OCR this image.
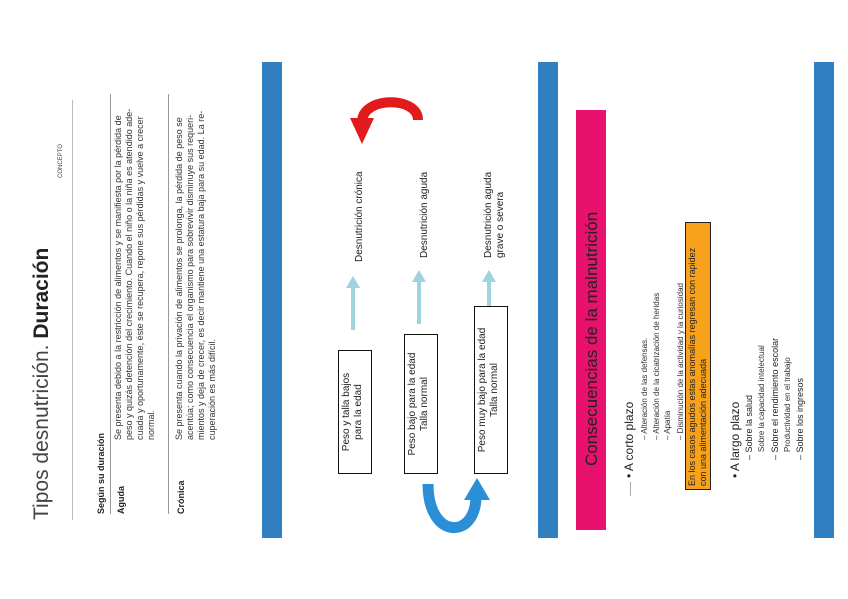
Tipos desnutrición. Duración
CONCEPTO
Según su duración Aguda
Se presenta debido a la restricción de alimentos y se manifiesta por la pérdida de peso y quizás detención del crecimiento. Cuando el niño o la niña es atendido ade-cuada y oportunamente, éste se recupera, repone sus pérdidas y vuelve a crecer normal.
Crónica
Se presenta cuando la privación de alimentos se prolonga, la pérdida de peso se acentúa; como consecuencia el organismo para sobrevivir disminuye sus requeri-mientos y deja de crecer, es decir mantiene una estatura baja para su edad. La re-cuperación es más difícil.
Desnutrición crónica	Desnutrición aguda	Desnutrición aguda
grave o severa
Peso y talla bajos
para la edad
Peso bajo para la edad
Talla normal
Peso muy bajo para la edad
Talla normal	Consecuencias de la malnutrición
• A corto plazo – Alteración de las defensas.
– Alteración de la cicatrización de heridas
– Apatía
– Disminución de la actividad y la curiosidad
En los casos agudos estas anomalías regresan con rapidez
con una alimentación adecuada
• A largo plazo – Sobre la salud Sobre la capacidad intelectual
– Sobre el rendimiento escolar Productividad en el trabajo
– Sobre los ingresos
